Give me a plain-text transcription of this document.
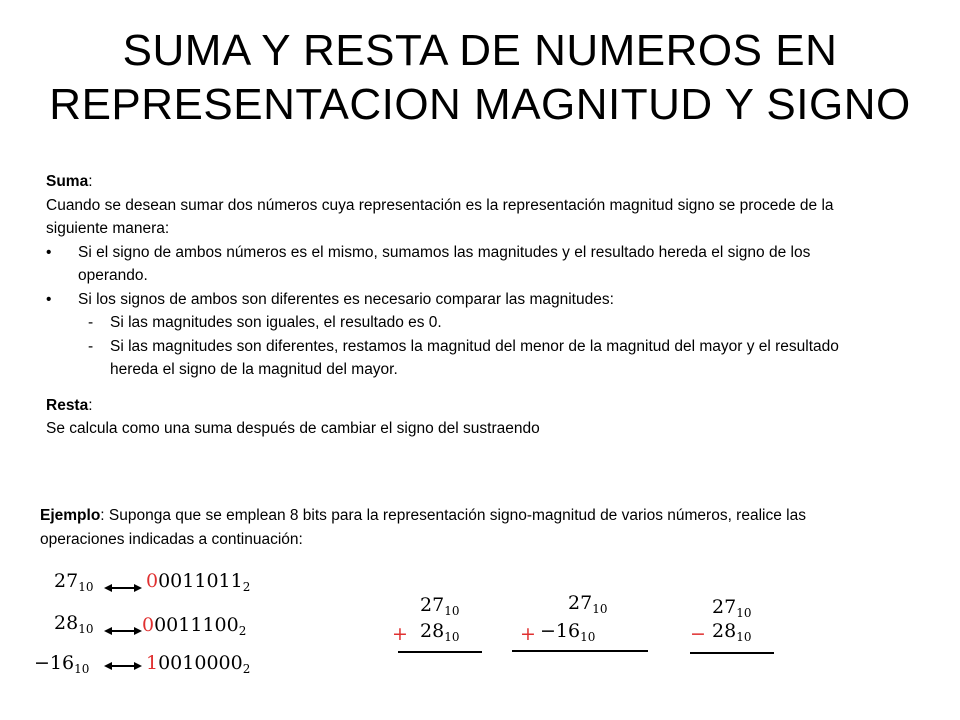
SUMA Y RESTA DE NUMEROS EN
REPRESENTACION MAGNITUD Y SIGNO

Suma:

Cuando se desean sumar dos números cuya representación es la representación magnitud signo se procede de la siguiente manera:

• Si el signo de ambos números es el mismo, sumamos las magnitudes y el resultado hereda el signo de los operando.
• Si los signos de ambos son diferentes es necesario comparar las magnitudes:
- Si las magnitudes son iguales, el resultado es 0.
- Si las magnitudes son diferentes, restamos la magnitud del menor de la magnitud del mayor y el resultado hereda el signo de la magnitud del mayor.

Resta:

Se calcula como una suma después de cambiar el signo del sustraendo

Ejemplo: Suponga que se emplean 8 bits para la representación signo-magnitud de varios números, realice las operaciones indicadas a continuación:
$27_{10}$	$00011011_2$
$28_{10}$	$00011100_2$
$-16_{10}$	$10010000_2$
$27_{10}$
+ $28_{10}$
$27_{10}$
+ $-16_{10}$
$27_{10}$
− $28_{10}$
